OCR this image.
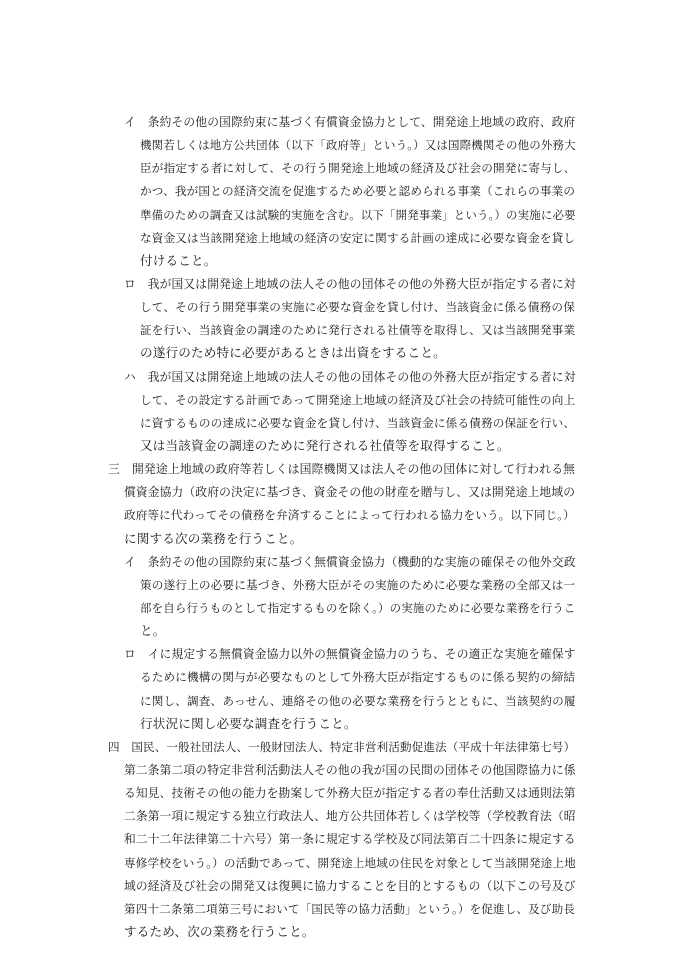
イ　条約その他の国際約束に基づく有償資金協力として、開発途上地域の政府、政府

機関若しくは地方公共団体（以下「政府等」という。）又は国際機関その他の外務大

臣が指定する者に対して、その行う開発途上地域の経済及び社会の開発に寄与し、

かつ、我が国との経済交流を促進するため必要と認められる事業（これらの事業の

準備のための調査又は試験的実施を含む。以下「開発事業」という。）の実施に必要

な資金又は当該開発途上地域の経済の安定に関する計画の達成に必要な資金を貸し

付けること。

ロ　我が国又は開発途上地域の法人その他の団体その他の外務大臣が指定する者に対

して、その行う開発事業の実施に必要な資金を貸し付け、当該資金に係る債務の保

証を行い、当該資金の調達のために発行される社債等を取得し、又は当該開発事業

の遂行のため特に必要があるときは出資をすること。

ハ　我が国又は開発途上地域の法人その他の団体その他の外務大臣が指定する者に対

して、その設定する計画であって開発途上地域の経済及び社会の持続可能性の向上

に資するものの達成に必要な資金を貸し付け、当該資金に係る債務の保証を行い、

又は当該資金の調達のために発行される社債等を取得すること。

三　開発途上地域の政府等若しくは国際機関又は法人その他の団体に対して行われる無

償資金協力（政府の決定に基づき、資金その他の財産を贈与し、又は開発途上地域の

政府等に代わってその債務を弁済することによって行われる協力をいう。以下同じ。）

に関する次の業務を行うこと。

イ　条約その他の国際約束に基づく無償資金協力（機動的な実施の確保その他外交政

策の遂行上の必要に基づき、外務大臣がその実施のために必要な業務の全部又は一

部を自ら行うものとして指定するものを除く。）の実施のために必要な業務を行うこ

と。

ロ　イに規定する無償資金協力以外の無償資金協力のうち、その適正な実施を確保す

るために機構の関与が必要なものとして外務大臣が指定するものに係る契約の締結

に関し、調査、あっせん、連絡その他の必要な業務を行うとともに、当該契約の履

行状況に関し必要な調査を行うこと。

四　国民、一般社団法人、一般財団法人、特定非営利活動促進法（平成十年法律第七号）

第二条第二項の特定非営利活動法人その他の我が国の民間の団体その他国際協力に係

る知見、技術その他の能力を勘案して外務大臣が指定する者の奉仕活動又は通則法第

二条第一項に規定する独立行政法人、地方公共団体若しくは学校等（学校教育法（昭

和二十二年法律第二十六号）第一条に規定する学校及び同法第百二十四条に規定する

専修学校をいう。）の活動であって、開発途上地域の住民を対象として当該開発途上地

域の経済及び社会の開発又は復興に協力することを目的とするもの（以下この号及び

第四十二条第二項第三号において「国民等の協力活動」という。）を促進し、及び助長

するため、次の業務を行うこと。
